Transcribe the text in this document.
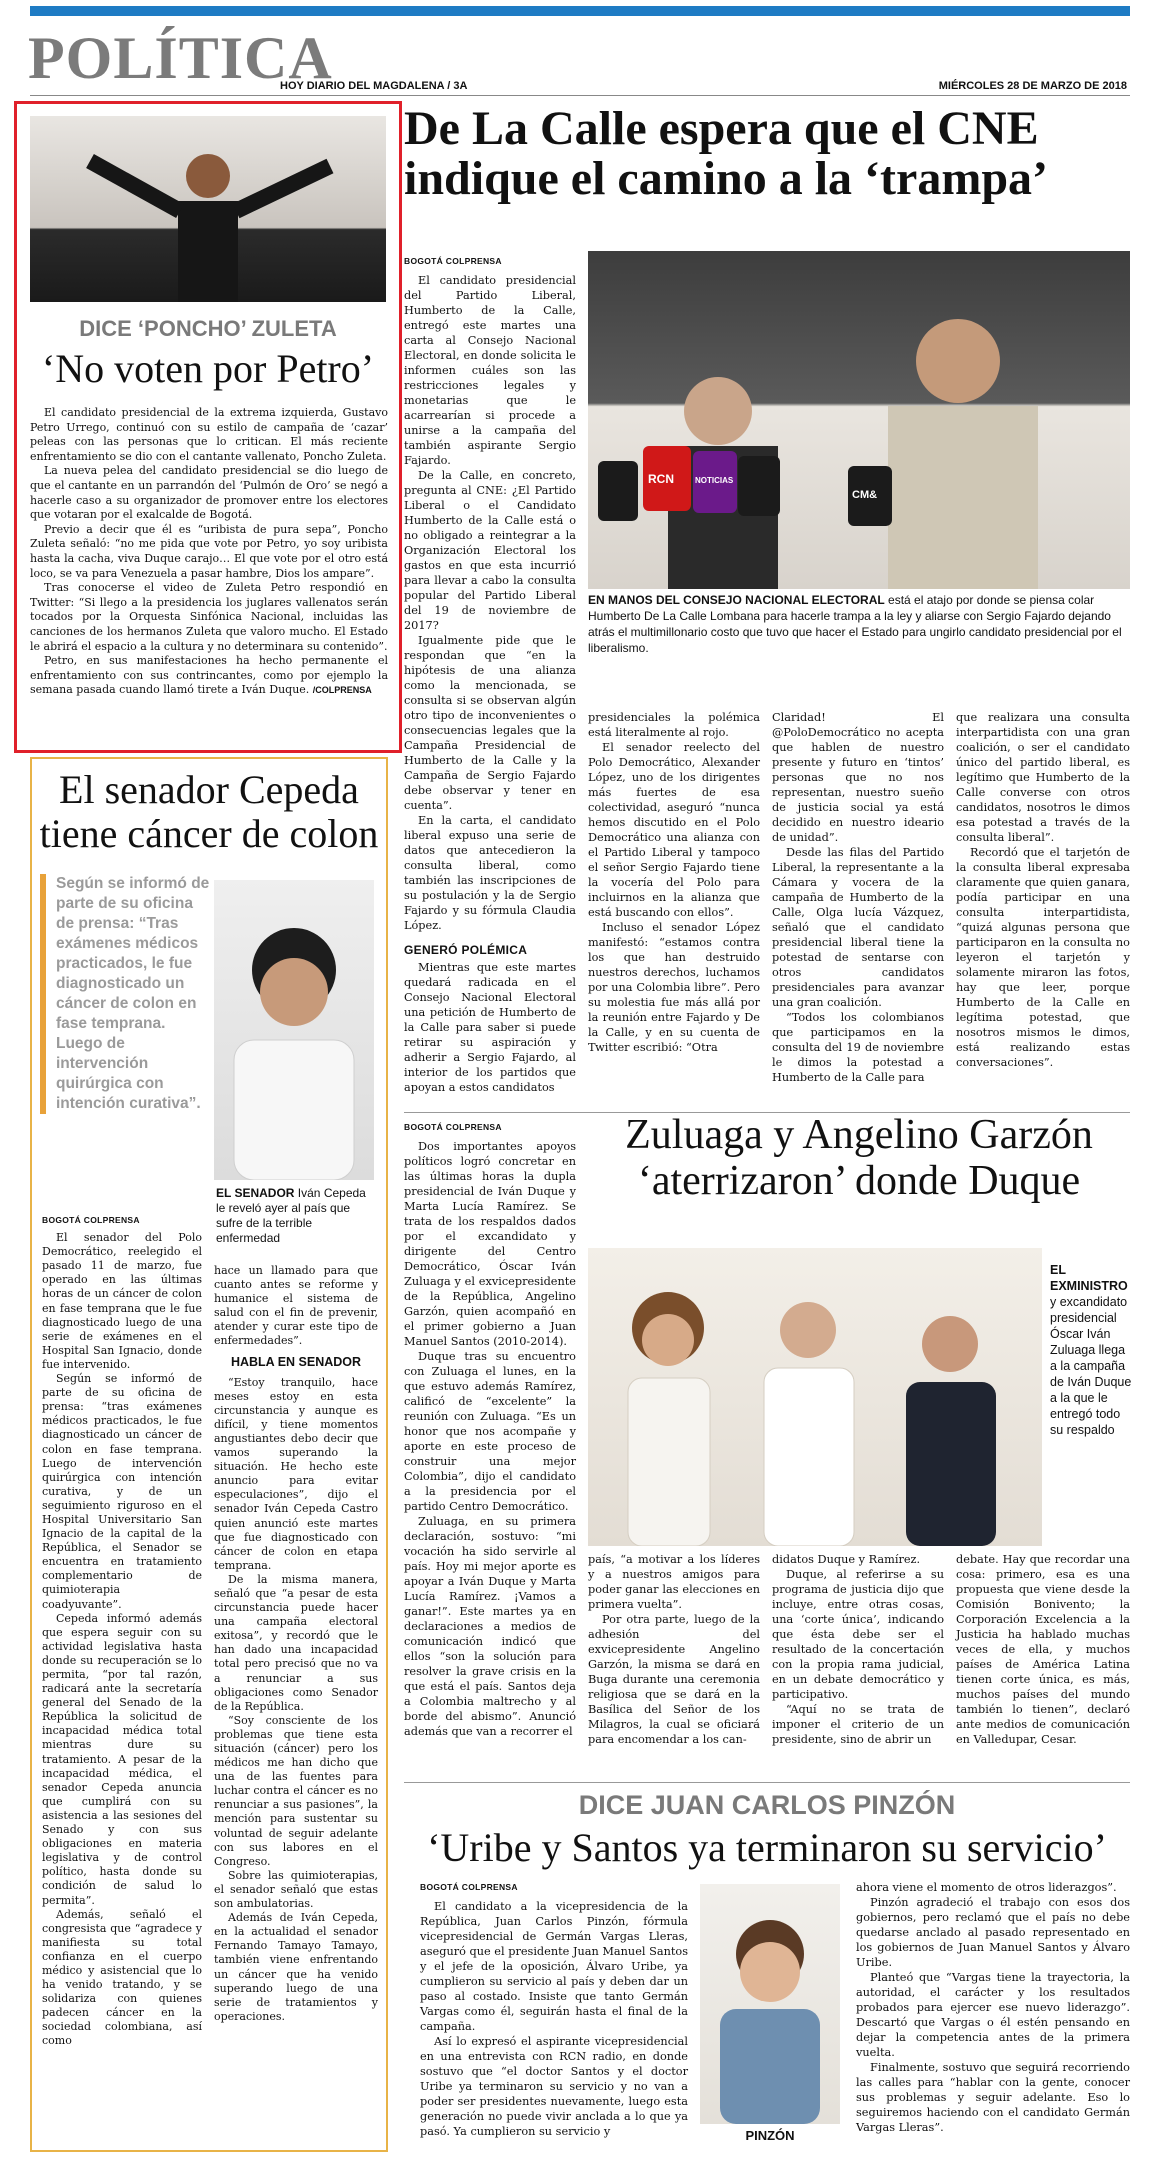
POLÍTICA
HOY DIARIO DEL MAGDALENA / 3A	MIÉRCOLES 28 DE MARZO DE 2018
DICE ‘PONCHO’ ZULETA
‘No voten por Petro’

El candidato presidencial de la extrema izquierda, Gustavo Petro Urrego, continuó con su estilo de campaña de ‘cazar’ peleas con las personas que lo critican. El más reciente enfrentamiento se dio con el cantante vallenato, Poncho Zuleta.

La nueva pelea del candidato presidencial se dio luego de que el cantante en un parrandón del ‘Pulmón de Oro’ se negó a hacerle caso a su organizador de promover entre los electores que votaran por el exalcalde de Bogotá.

Previo a decir que él es “uribista de pura sepa”, Poncho Zuleta señaló: “no me pida que vote por Petro, yo soy uribista hasta la cacha, viva Duque carajo… El que vote por el otro está loco, se va para Venezuela a pasar hambre, Dios los ampare”.

Tras conocerse el video de Zuleta Petro respondió en Twitter: “Si llego a la presidencia los juglares vallenatos serán tocados por la Orquesta Sinfónica Nacional, incluidas las canciones de los hermanos Zuleta que valoro mucho. El Estado le abrirá el espacio a la cultura y no determinara su contenido”.

Petro, en sus manifestaciones ha hecho permanente el enfrentamiento con sus contrincantes, como por ejemplo la semana pasada cuando llamó tirete a Iván Duque. /COLPRENSA

De La Calle espera que el CNE indique el camino a la ‘trampa’
BOGOTÁ COLPRENSA

El candidato presidencial del Partido Liberal, Humberto de la Calle, entregó este martes una carta al Consejo Nacional Electoral, en donde solicita le informen cuáles son las restricciones legales y monetarias que le acarrearían si procede a unirse a la campaña del también aspirante Sergio Fajardo.

De la Calle, en concreto, pregunta al CNE: ¿El Partido Liberal o el Candidato Humberto de la Calle está o no obligado a reintegrar a la Organización Electoral los gastos en que esta incurrió para llevar a cabo la consulta popular del Partido Liberal del 19 de noviembre de 2017?

Igualmente pide que le respondan que “en la hipótesis de una alianza como la mencionada, se consulta si se observan algún otro tipo de inconvenientes o consecuencias legales que la Campaña Presidencial de Humberto de la Calle y la Campaña de Sergio Fajardo debe observar y tener en cuenta”.

En la carta, el candidato liberal expuso una serie de datos que antecedieron la consulta liberal, como también las inscripciones de su postulación y la de Sergio Fajardo y su fórmula Claudia López.

GENERÓ POLÉMICA

Mientras que este martes quedará radicada en el Consejo Nacional Electoral una petición de Humberto de la Calle para saber si puede retirar su aspiración y adherir a Sergio Fajardo, al interior de los partidos que apoyan a estos candidatos

RCN	NOTICIAS
CM&
EN MANOS DEL CONSEJO NACIONAL ELECTORAL está el atajo por donde se piensa colar Humberto De La Calle Lombana para hacerle trampa a la ley y aliarse con Sergio Fajardo dejando atrás el multimillonario costo que tuvo que hacer el Estado para ungirlo candidato presidencial por el liberalismo.

presidenciales la polémica está literalmente al rojo.

El senador reelecto del Polo Democrático, Alexander López, uno de los dirigentes más fuertes de esa colectividad, aseguró “nunca hemos discutido en el Polo Democrático una alianza con el Partido Liberal y tampoco el señor Sergio Fajardo tiene la vocería del Polo para incluirnos en la alianza que está buscando con ellos”.

Incluso el senador López manifestó: “estamos contra los que han destruido nuestros derechos, luchamos por una Colombia libre”. Pero su molestia fue más allá por la reunión entre Fajardo y De la Calle, y en su cuenta de Twitter escribió: “Otra

Claridad! El @PoloDemocrático no acepta que hablen de nuestro presente y futuro en ‘tintos’ personas que no nos representan, nuestro sueño de justicia social ya está decidido en nuestro ideario de unidad”.

Desde las filas del Partido Liberal, la representante a la Cámara y vocera de la campaña de Humberto de la Calle, Olga lucía Vázquez, señaló que el candidato presidencial liberal tiene la potestad de sentarse con otros candidatos presidenciales para avanzar una gran coalición.

“Todos los colombianos que participamos en la consulta del 19 de noviembre le dimos la potestad a Humberto de la Calle para

que realizara una consulta interpartidista con una gran coalición, o ser el candidato único del partido liberal, es legítimo que Humberto de la Calle converse con otros candidatos, nosotros le dimos esa potestad a través de la consulta liberal”.

Recordó que el tarjetón de la consulta liberal expresaba claramente que quien ganara, podía participar en una consulta interpartidista, “quizá algunas persona que participaron en la consulta no leyeron el tarjetón y solamente miraron las fotos, hay que leer, porque Humberto de la Calle en legítima potestad, que nosotros mismos le dimos, está realizando estas conversaciones”.

El senador Cepeda tiene cáncer de colon
Según se informó de parte de su oficina de prensa: “Tras exámenes médicos practicados, le fue diagnosticado un cáncer de colon en fase temprana. Luego de intervención quirúrgica con intención curativa”.
EL SENADOR Iván Cepeda le reveló ayer al país que sufre de la terrible enfermedad
BOGOTÁ COLPRENSA

El senador del Polo Democrático, reelegido el pasado 11 de marzo, fue operado en las últimas horas de un cáncer de colon en fase temprana que le fue diagnosticado luego de una serie de exámenes en el Hospital San Ignacio, donde fue intervenido.

Según se informó de parte de su oficina de prensa: “tras exámenes médicos practicados, le fue diagnosticado un cáncer de colon en fase temprana. Luego de intervención quirúrgica con intención curativa, y de un seguimiento riguroso en el Hospital Universitario San Ignacio de la capital de la República, el Senador se encuentra en tratamiento complementario de quimioterapia coadyuvante”.

Cepeda informó además que espera seguir con su actividad legislativa hasta donde su recuperación se lo permita, “por tal razón, radicará ante la secretaría general del Senado de la República la solicitud de incapacidad médica total mientras dure su tratamiento. A pesar de la incapacidad médica, el senador Cepeda anuncia que cumplirá con su asistencia a las sesiones del Senado y con sus obligaciones en materia legislativa y de control político, hasta donde su condición de salud lo permita”.

Además, señaló el congresista que “agradece y manifiesta su total confianza en el cuerpo médico y asistencial que lo ha venido tratando, y se solidariza con quienes padecen cáncer en la sociedad colombiana, así como

hace un llamado para que cuanto antes se reforme y humanice el sistema de salud con el fin de prevenir, atender y curar este tipo de enfermedades”.

HABLA EN SENADOR

“Estoy tranquilo, hace meses estoy en esta circunstancia y aunque es difícil, y tiene momentos angustiantes debo decir que vamos superando la situación. He hecho este anuncio para evitar especulaciones”, dijo el senador Iván Cepeda Castro quien anunció este martes que fue diagnosticado con cáncer de colon en etapa temprana.

De la misma manera, señaló que “a pesar de esta circunstancia puede hacer una campaña electoral exitosa”, y recordó que le han dado una incapacidad total pero precisó que no va a renunciar a sus obligaciones como Senador de la República.

“Soy consciente de los problemas que tiene esta situación (cáncer) pero los médicos me han dicho que una de las fuentes para luchar contra el cáncer es no renunciar a sus pasiones”, la mención para sustentar su voluntad de seguir adelante con sus labores en el Congreso.

Sobre las quimioterapias, el senador señaló que estas son ambulatorias.

Además de Iván Cepeda, en la actualidad el senador Fernando Tamayo Tamayo, también viene enfrentando un cáncer que ha venido superando luego de una serie de tratamientos y operaciones.

BOGOTÁ COLPRENSA

Dos importantes apoyos políticos logró concretar en las últimas horas la dupla presidencial de Iván Duque y Marta Lucía Ramírez. Se trata de los respaldos dados por el excandidato y dirigente del Centro Democrático, Óscar Iván Zuluaga y el exvicepresidente de la República, Angelino Garzón, quien acompañó en el primer gobierno a Juan Manuel Santos (2010-2014).

Duque tras su encuentro con Zuluaga el lunes, en la que estuvo además Ramírez, calificó de “excelente” la reunión con Zuluaga. “Es un honor que nos acompañe y aporte en este proceso de construir una mejor Colombia”, dijo el candidato a la presidencia por el partido Centro Democrático.

Zuluaga, en su primera declaración, sostuvo: “mi vocación ha sido servirle al país. Hoy mi mejor aporte es apoyar a Iván Duque y Marta Lucía Ramírez. ¡Vamos a ganar!”. Este martes ya en declaraciones a medios de comunicación indicó que ellos “son la solución para resolver la grave crisis en la que está el país. Santos deja a Colombia maltrecho y al borde del abismo”. Anunció además que van a recorrer el

Zuluaga y Angelino Garzón ‘aterrizaron’ donde Duque
EL EXMINISTRO y excandidato presidencial Óscar Iván Zuluaga llega a la campaña de Iván Duque a la que le entregó todo su respaldo

país, “a motivar a los líderes y a nuestros amigos para poder ganar las elecciones en primera vuelta”.

Por otra parte, luego de la adhesión del exvicepresidente Angelino Garzón, la misma se dará en Buga durante una ceremonia religiosa que se dará en la Basílica del Señor de los Milagros, la cual se oficiará para encomendar a los can-

didatos Duque y Ramírez.

Duque, al referirse a su programa de justicia dijo que incluye, entre otras cosas, una ‘corte única’, indicando que ésta debe ser el resultado de la concertación con la propia rama judicial, en un debate democrático y participativo.

“Aquí no se trata de imponer el criterio de un presidente, sino de abrir un

debate. Hay que recordar una cosa: primero, esa es una propuesta que viene desde la Comisión Bonivento; la Corporación Excelencia a la Justicia ha hablado muchas veces de ella, y muchos países de América Latina tienen corte única, es más, muchos países del mundo también lo tienen”, declaró ante medios de comunicación en Valledupar, Cesar.

DICE JUAN CARLOS PINZÓN
‘Uribe y Santos ya terminaron su servicio’
BOGOTÁ COLPRENSA

El candidato a la vicepresidencia de la República, Juan Carlos Pinzón, fórmula vicepresidencial de Germán Vargas Lleras, aseguró que el presidente Juan Manuel Santos y el jefe de la oposición, Álvaro Uribe, ya cumplieron su servicio al país y deben dar un paso al costado. Insiste que tanto Germán Vargas como él, seguirán hasta el final de la campaña.

Así lo expresó el aspirante vicepresidencial en una entrevista con RCN radio, en donde sostuvo que “el doctor Santos y el doctor Uribe ya terminaron su servicio y no van a poder ser presidentes nuevamente, luego esta generación no puede vivir anclada a lo que ya pasó. Ya cumplieron su servicio y	PINZÓN

ahora viene el momento de otros liderazgos”.

Pinzón agradeció el trabajo con esos dos gobiernos, pero reclamó que el país no debe quedarse anclado al pasado representado en los gobiernos de Juan Manuel Santos y Álvaro Uribe.

Planteó que “Vargas tiene la trayectoria, la autoridad, el carácter y los resultados probados para ejercer ese nuevo liderazgo”. Descartó que Vargas o él estén pensando en dejar la competencia antes de la primera vuelta.

Finalmente, sostuvo que seguirá recorriendo las calles para “hablar con la gente, conocer sus problemas y seguir adelante. Eso lo seguiremos haciendo con el candidato Germán Vargas Lleras”.
